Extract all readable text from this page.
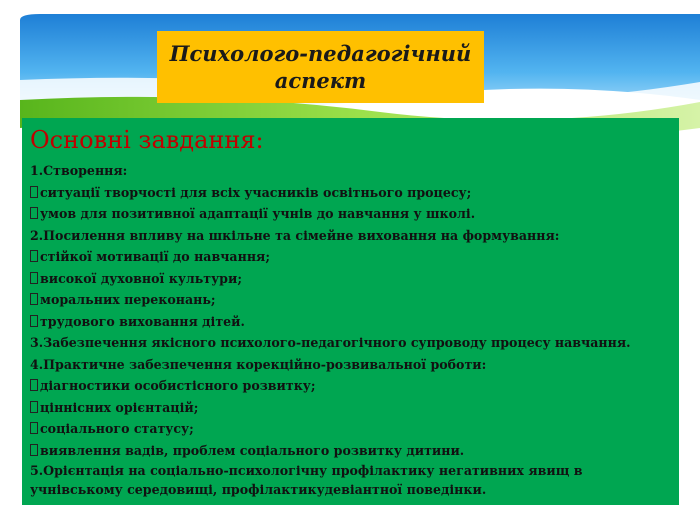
Психолого-педагогічний
аспект
Основні завдання:
1.Створення:
ситуації творчості для всіх учасників освітнього процесу;
умов для позитивної адаптації учнів до навчання у школі.
2.Посилення впливу на шкільне та сімейне виховання на формування:
стійкої мотивації до навчання;
високої духовної культури;
моральних переконань;
трудового виховання дітей.
3.Забезпечення якісного психолого-педагогічного супроводу процесу навчання.
4.Практичне забезпечення корекційно-розвивальної роботи:
діагностики особистісного розвитку;
ціннісних орієнтацій;
соціального статусу;
виявлення вадів, проблем соціального розвитку дитини.
5.Орієнтація на соціально-психологічну профілактику негативних явищ в учнівському середовищі, профілактикудевіантної поведінки.
